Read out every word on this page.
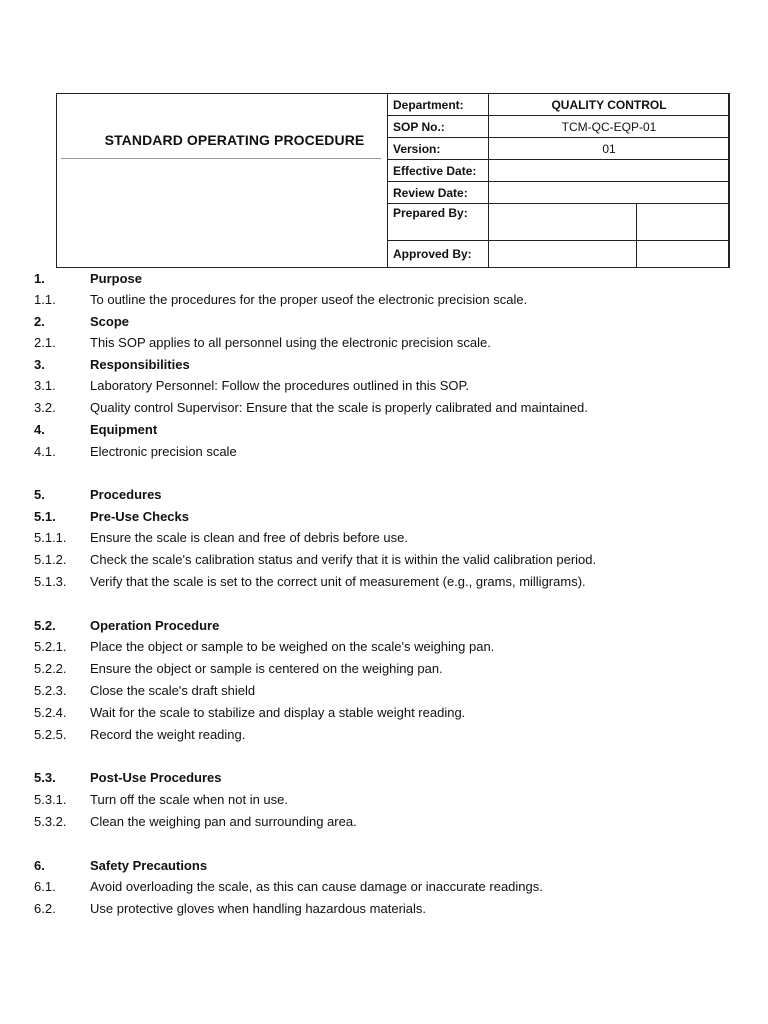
STANDARD OPERATING PROCEDURE
Department:	QUALITY CONTROL	
SOP No.:	TCM-QC-EQP-01	
Version:	01	
Effective Date:		
Review Date:		
Prepared By:		
Approved By:		
1.	Purpose
1.1.	To outline the procedures for the proper useof the electronic precision scale.
2.	Scope
2.1.	This SOP applies to all personnel using the electronic precision scale.
3.	Responsibilities
3.1.	Laboratory Personnel: Follow the procedures outlined in this SOP.
3.2.	Quality control Supervisor: Ensure that the scale is properly calibrated and maintained.
4.	Equipment
4.1.	Electronic precision scale
5.	Procedures
5.1.	Pre-Use Checks
5.1.1. Ensure the scale is clean and free of debris before use.
5.1.2. Check the scale's calibration status and verify that it is within the valid calibration period.
5.1.3. Verify that the scale is set to the correct unit of measurement (e.g., grams, milligrams).
5.2.	Operation Procedure
5.2.1. Place the object or sample to be weighed on the scale's weighing pan.
5.2.2. Ensure the object or sample is centered on the weighing pan.
5.2.3. Close the scale's draft shield
5.2.4. Wait for the scale to stabilize and display a stable weight reading.
5.2.5. Record the weight reading.
5.3.	Post-Use Procedures
5.3.1. Turn off the scale when not in use.
5.3.2. Clean the weighing pan and surrounding area.
6.	Safety Precautions
6.1.	Avoid overloading the scale, as this can cause damage or inaccurate readings.
6.2.	Use protective gloves when handling hazardous materials.
